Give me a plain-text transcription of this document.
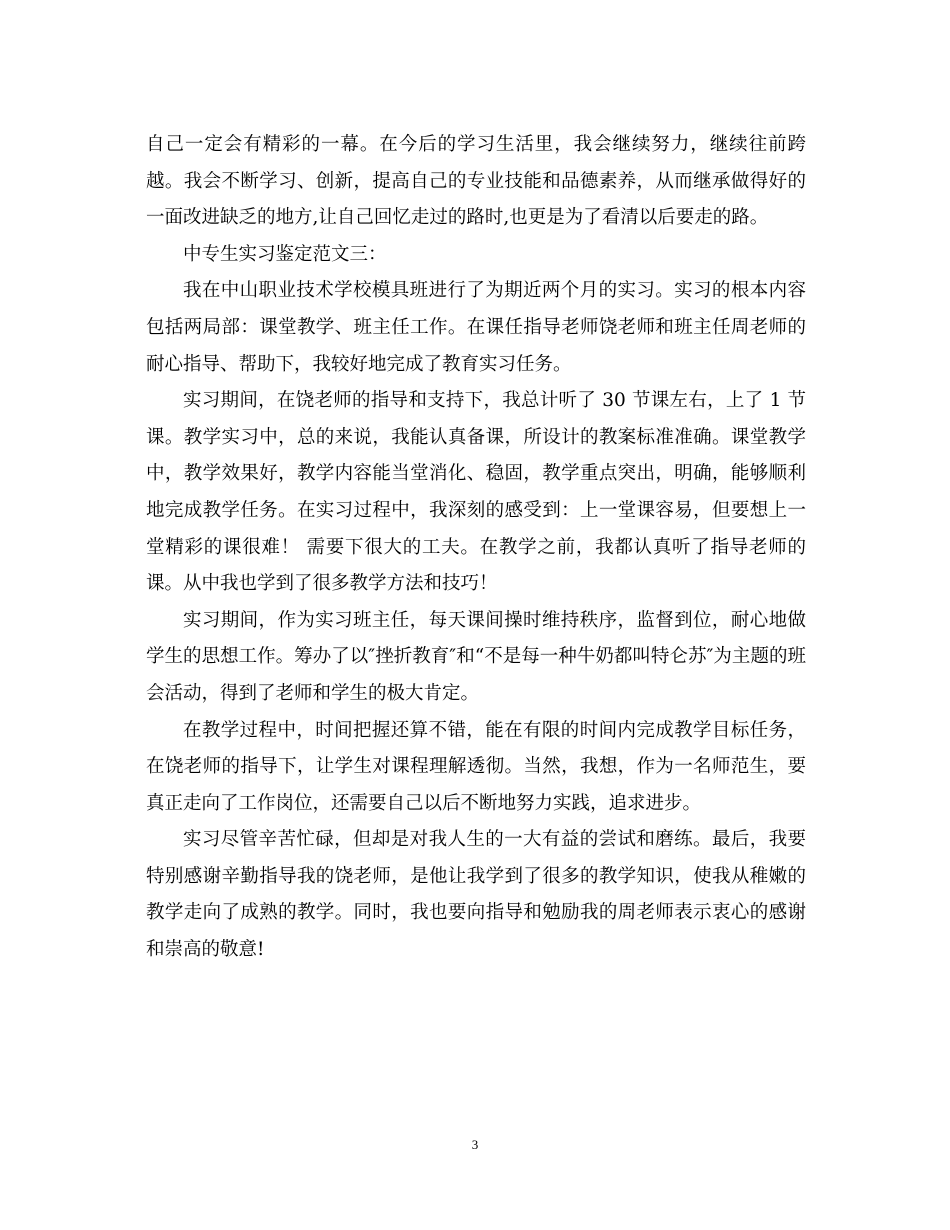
自己一定会有精彩的一幕。在今后的学习生活里，我会继续努力，继续往前跨越。我会不断学习、创新，提高自己的专业技能和品德素养，从而继承做得好的一面改进缺乏的地方,让自己回忆走过的路时,也更是为了看清以后要走的路。

中专生实习鉴定范文三：

我在中山职业技术学校模具班进行了为期近两个月的实习。实习的根本内容包括两局部：课堂教学、班主任工作。在课任指导老师饶老师和班主任周老师的耐心指导、帮助下，我较好地完成了教育实习任务。

实习期间，在饶老师的指导和支持下，我总计听了 30 节课左右，上了 1 节课。教学实习中，总的来说，我能认真备课，所设计的教案标准准确。课堂教学中，教学效果好，教学内容能当堂消化、稳固，教学重点突出，明确，能够顺利地完成教学任务。在实习过程中，我深刻的感受到：上一堂课容易，但要想上一堂精彩的课很难！ 需要下很大的工夫。在教学之前，我都认真听了指导老师的课。从中我也学到了很多教学方法和技巧！

实习期间，作为实习班主任，每天课间操时维持秩序，监督到位，耐心地做学生的思想工作。筹办了以″挫折教育″和“不是每一种牛奶都叫特仑苏″为主题的班会活动，得到了老师和学生的极大肯定。

在教学过程中，时间把握还算不错，能在有限的时间内完成教学目标任务，在饶老师的指导下，让学生对课程理解透彻。当然，我想，作为一名师范生，要真正走向了工作岗位，还需要自己以后不断地努力实践，追求进步。

实习尽管辛苦忙碌，但却是对我人生的一大有益的尝试和磨练。最后，我要特别感谢辛勤指导我的饶老师，是他让我学到了很多的教学知识，使我从稚嫩的教学走向了成熟的教学。同时，我也要向指导和勉励我的周老师表示衷心的感谢和崇高的敬意!

3
